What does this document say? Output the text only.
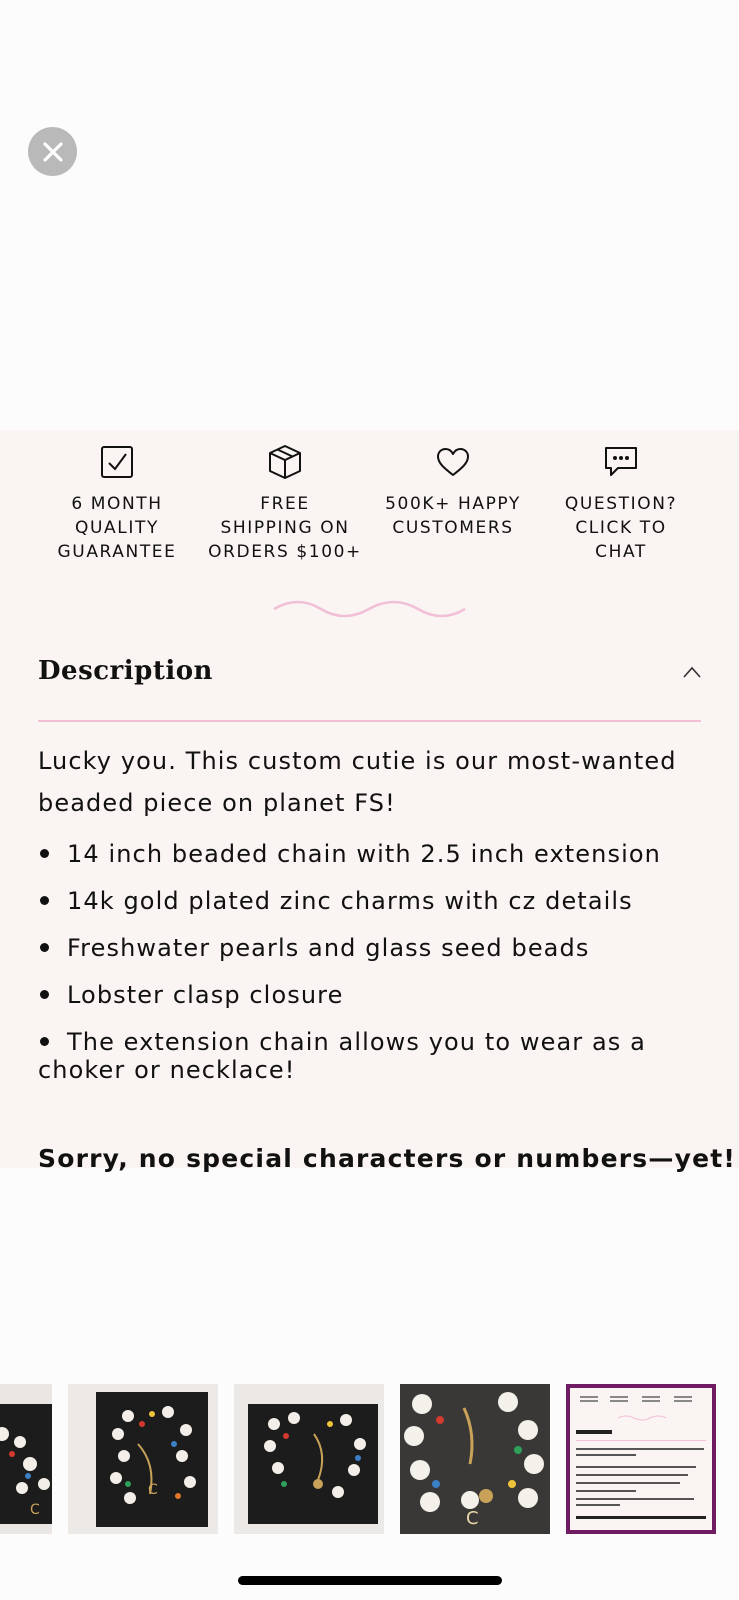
6 MONTH
QUALITY
GUARANTEE
FREE
SHIPPING ON
ORDERS $100+
500K+ HAPPY
CUSTOMERS
QUESTION?
CLICK TO
CHAT
Description
Lucky you. This custom cutie is our most-wanted beaded piece on planet FS!
14 inch beaded chain with 2.5 inch extension
14k gold plated zinc charms with cz details
Freshwater pearls and glass seed beads
Lobster clasp closure
The extension chain allows you to wear as a choker or necklace!
Sorry, no special characters or numbers—yet!
C
C
C
